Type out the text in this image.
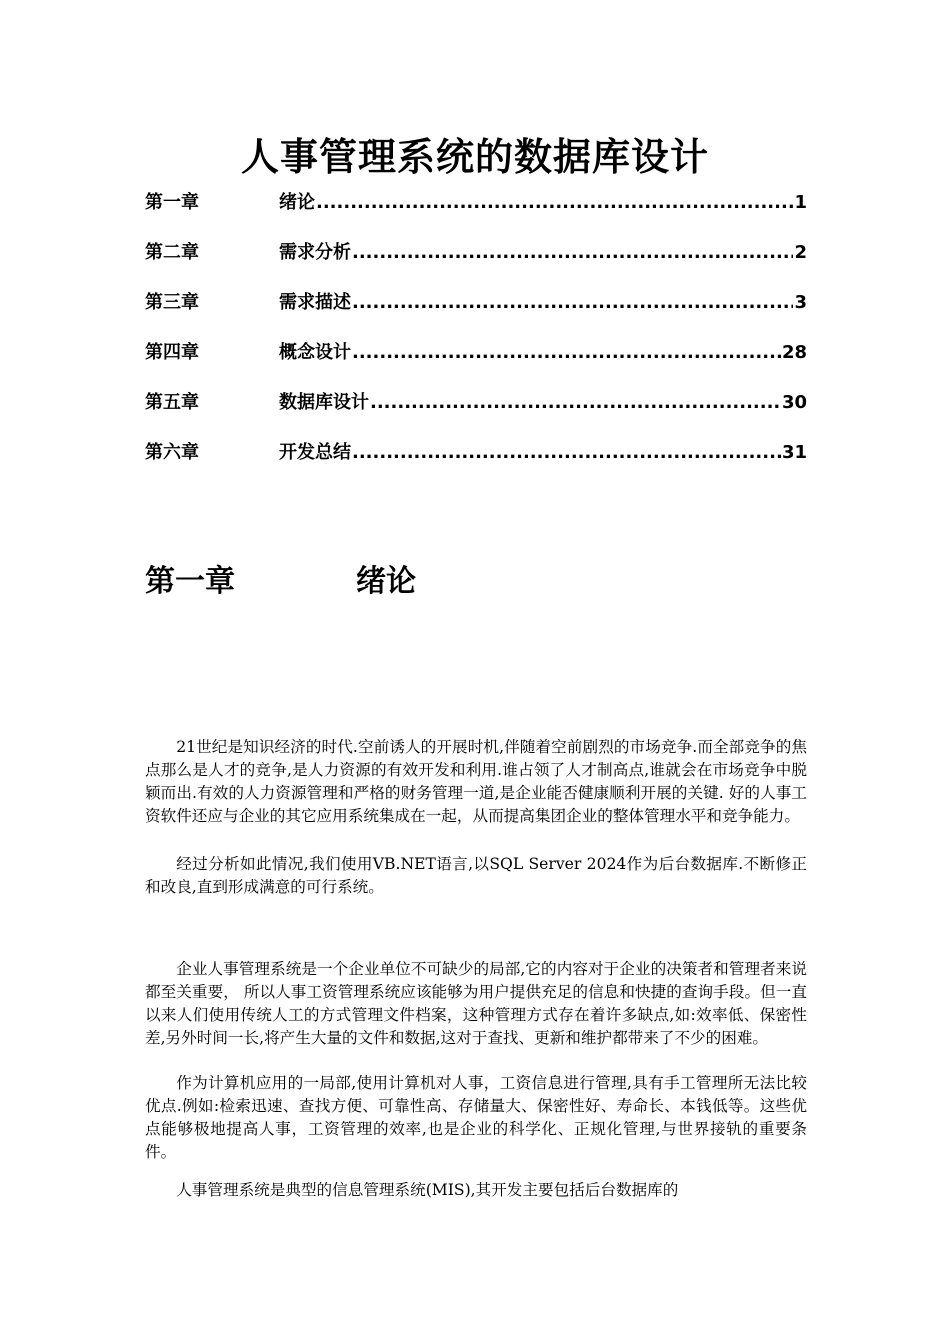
人事管理系统的数据库设计
第一章	绪论 .....	1
第二章	需求分析 .....	2
第三章	需求描述 .....	3
第四章	概念设计 .....	28
第五章	数据库设计 .....	30
第六章	开发总结 .....	31
第一章	绪论

21世纪是知识经济的时代.空前诱人的开展时机,伴随着空前剧烈的市场竞争.而全部竞争的焦点那么是人才的竞争,是人力资源的有效开发和利用.谁占领了人才制高点,谁就会在市场竞争中脱颖而出.有效的人力资源管理和严格的财务管理一道,是企业能否健康顺利开展的关键. 好的人事工资软件还应与企业的其它应用系统集成在一起，从而提高集团企业的整体管理水平和竞争能力。

经过分析如此情况,我们使用VB.NET语言,以SQL Server 2024作为后台数据库.不断修正和改良,直到形成满意的可行系统。

企业人事管理系统是一个企业单位不可缺少的局部,它的内容对于企业的决策者和管理者来说都至关重要， 所以人事工资管理系统应该能够为用户提供充足的信息和快捷的查询手段。但一直以来人们使用传统人工的方式管理文件档案，这种管理方式存在着许多缺点,如:效率低、保密性差,另外时间一长,将产生大量的文件和数据,这对于查找、更新和维护都带来了不少的困难。

作为计算机应用的一局部,使用计算机对人事，工资信息进行管理,具有手工管理所无法比较优点.例如:检索迅速、查找方便、可靠性高、存储量大、保密性好、寿命长、本钱低等。这些优点能够极地提高人事，工资管理的效率,也是企业的科学化、正规化管理,与世界接轨的重要条件。

人事管理系统是典型的信息管理系统(MIS),其开发主要包括后台数据库的
